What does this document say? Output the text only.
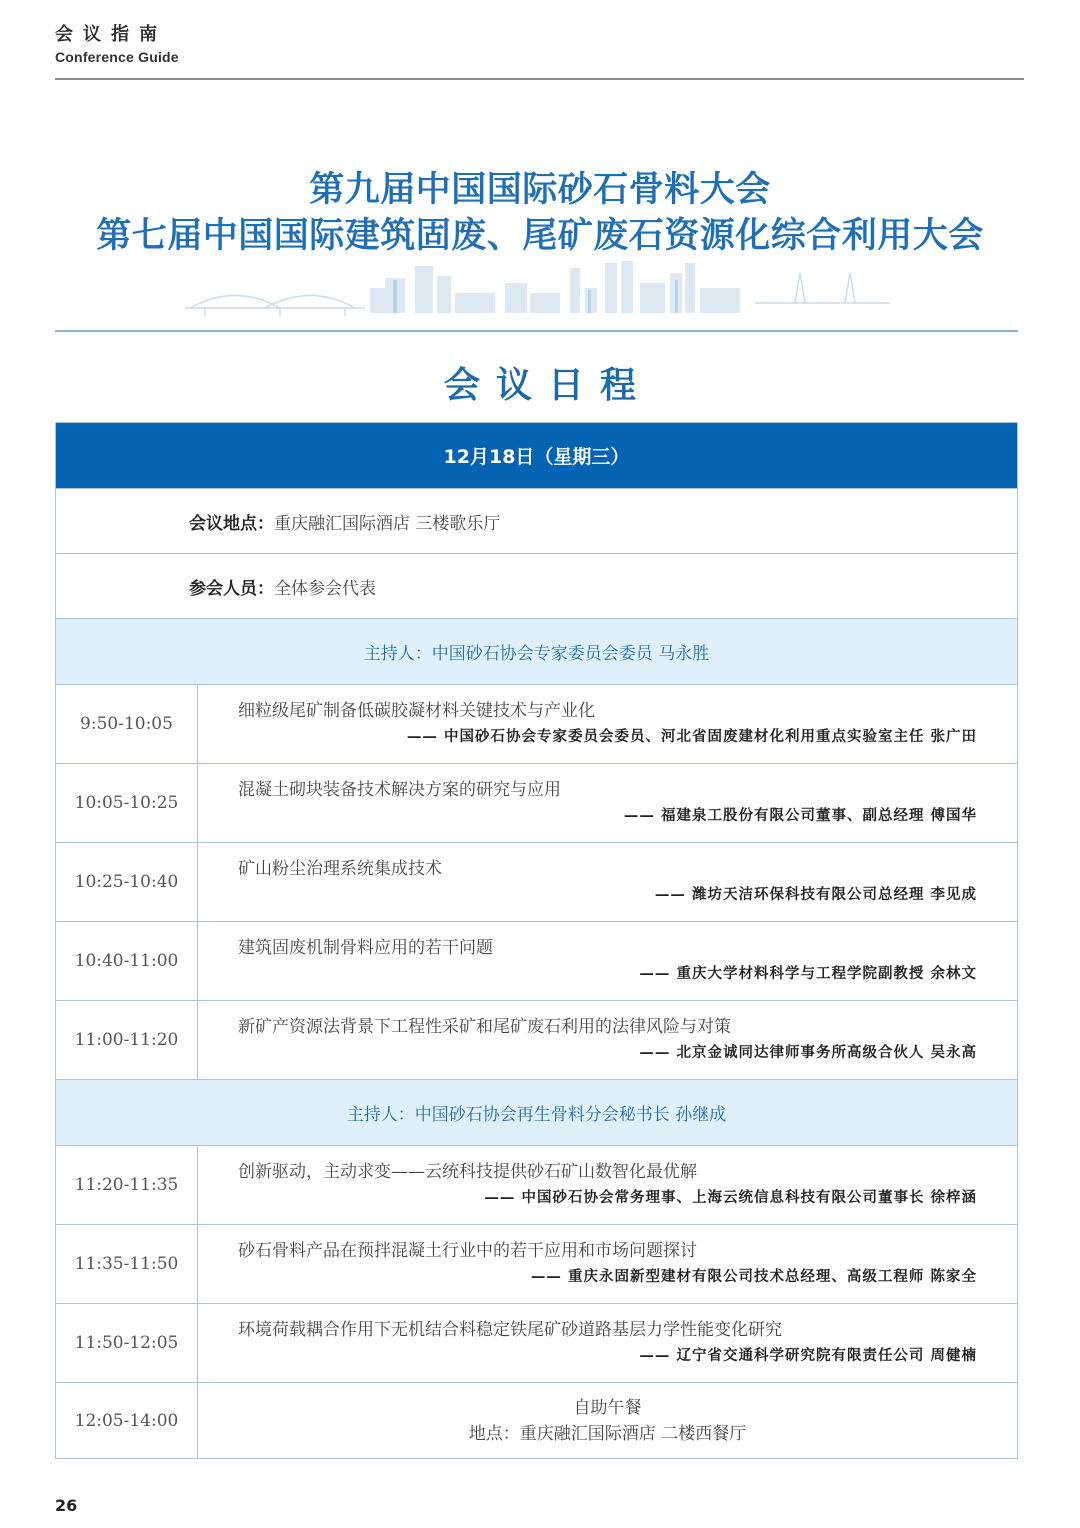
会议指南
Conference Guide
第九届中国国际砂石骨料大会
第七届中国国际建筑固废、尾矿废石资源化综合利用大会
会议日程
12月18日（星期三）	
会议地点：重庆融汇国际酒店 三楼歌乐厅	
参会人员：全体参会代表	
主持人：中国砂石协会专家委员会委员 马永胜	
9:50-10:05	细粒级尾矿制备低碳胶凝材料关键技术与产业化
—— 中国砂石协会专家委员会委员、河北省固废建材化利用重点实验室主任 张广田

10:05-10:25	混凝土砌块装备技术解决方案的研究与应用
—— 福建泉工股份有限公司董事、副总经理 傅国华

10:25-10:40	矿山粉尘治理系统集成技术
—— 潍坊天洁环保科技有限公司总经理 李见成

10:40-11:00	建筑固废机制骨料应用的若干问题
—— 重庆大学材料科学与工程学院副教授 余林文

11:00-11:20	新矿产资源法背景下工程性采矿和尾矿废石利用的法律风险与对策
—— 北京金诚同达律师事务所高级合伙人 吴永高

主持人：中国砂石协会再生骨料分会秘书长 孙继成	
11:20-11:35	创新驱动，主动求变——云统科技提供砂石矿山数智化最优解
—— 中国砂石协会常务理事、上海云统信息科技有限公司董事长 徐梓涵

11:35-11:50	砂石骨料产品在预拌混凝土行业中的若干应用和市场问题探讨
—— 重庆永固新型建材有限公司技术总经理、高级工程师 陈家全

11:50-12:05	环境荷载耦合作用下无机结合料稳定铁尾矿砂道路基层力学性能变化研究
—— 辽宁省交通科学研究院有限责任公司 周健楠

12:05-14:00	自助午餐
地点：重庆融汇国际酒店 二楼西餐厅
26
